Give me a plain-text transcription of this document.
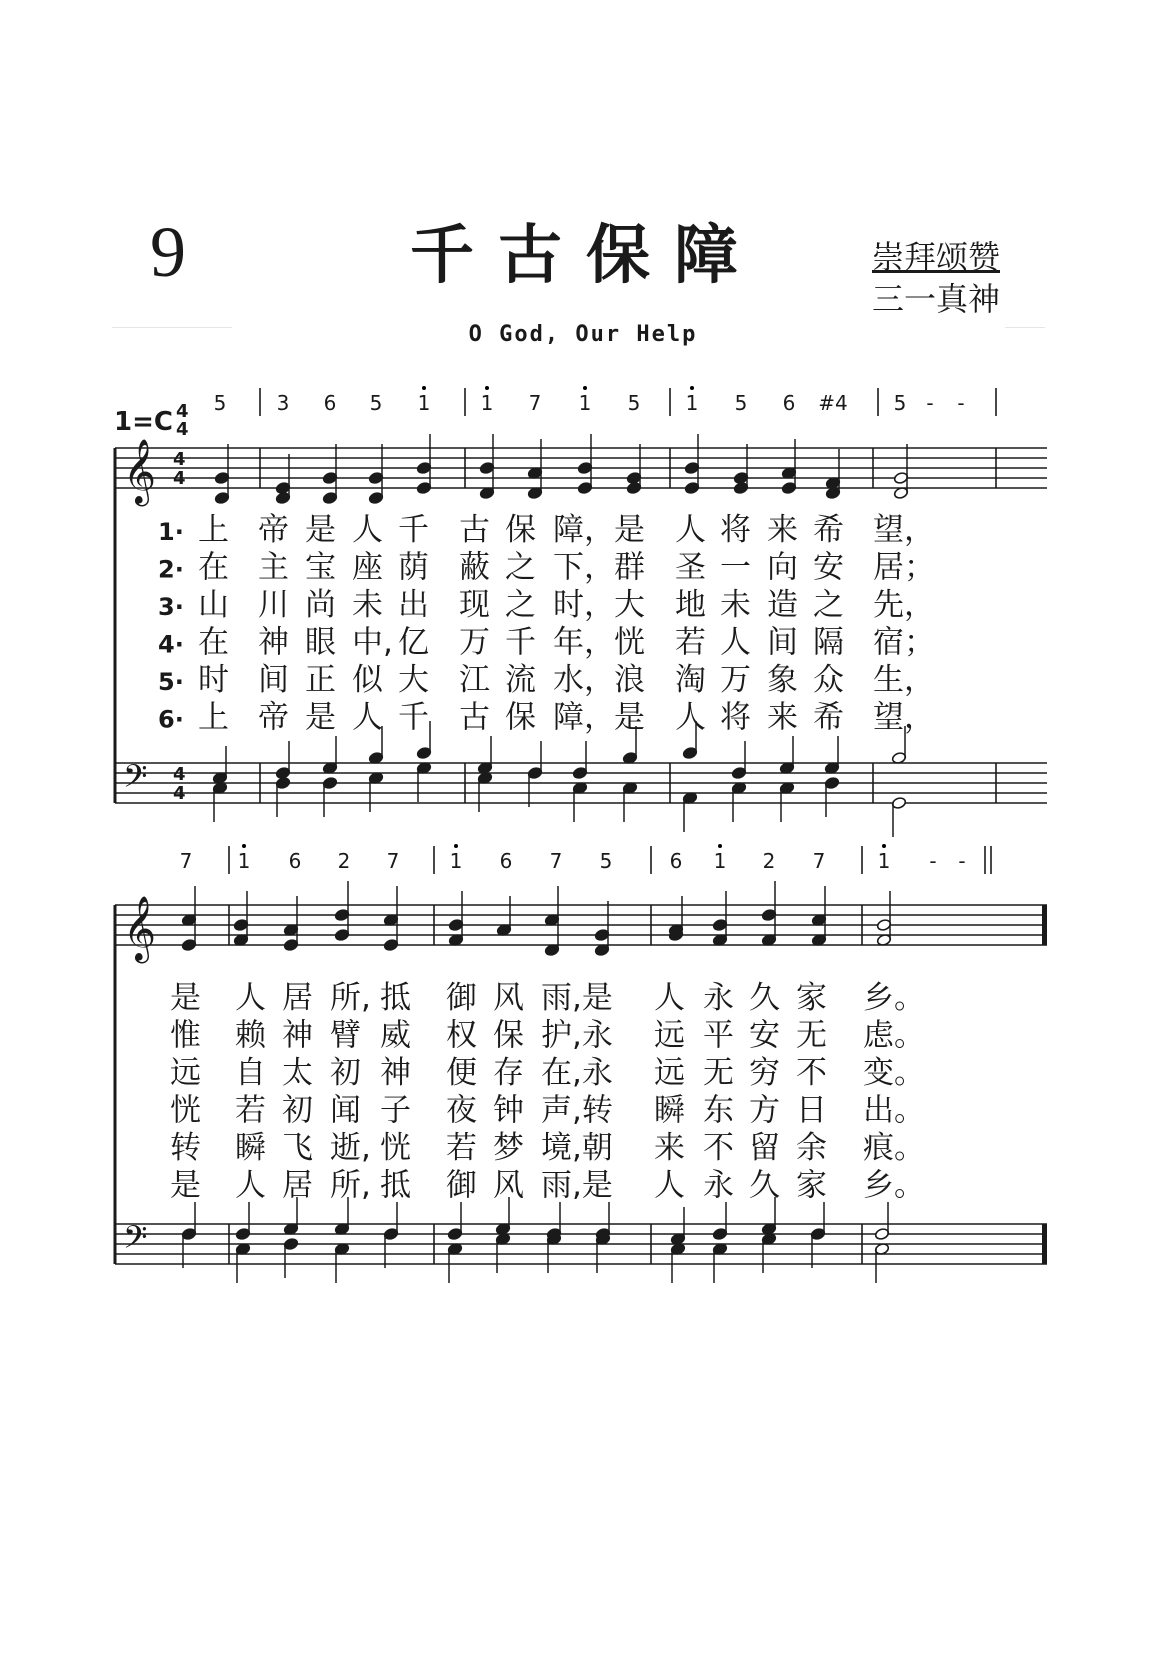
9	千古保障	崇拜颂赞
三一真神
O God, Our Help
1=C 4
4
5	3 6 5 1	1 7 1 5 1 5 6 #4 5 - -
𝄞 4
4
𝄢 4
4
1· 上 帝 是 人 千 古 保 障， 是 人 将 来 希 望，
2· 在 主 宝 座 荫 蔽 之 下， 群 圣 一 向 安 居；
3· 山 川 尚 未 出 现 之 时， 大 地 未 造 之 先，
4· 在 神 眼 中, 亿 万 千 年， 恍 若 人 间 隔 宿；
5· 时 间 正 似 大 江 流 水， 浪 淘 万 象 众 生，
6· 上 帝 是 人 千 古 保 障， 是 人 将 来 希 望，
7 1 6 2 7	1 6 7 5	6 1 2 7	1 - -
𝄞
𝄢
是 人 居 所, 抵 御 风 雨,是 人 永 久 家 乡。
惟 赖 神 臂 威 权 保 护,永 远 平 安 无 虑。
远 自 太 初 神 便 存 在,永 远 无 穷 不 变。
恍 若 初 闻 子 夜 钟 声,转 瞬 东 方 日 出。
转 瞬 飞 逝, 恍 若 梦 境,朝 来 不 留 余 痕。
是 人 居 所, 抵 御 风 雨,是 人 永 久 家 乡。
